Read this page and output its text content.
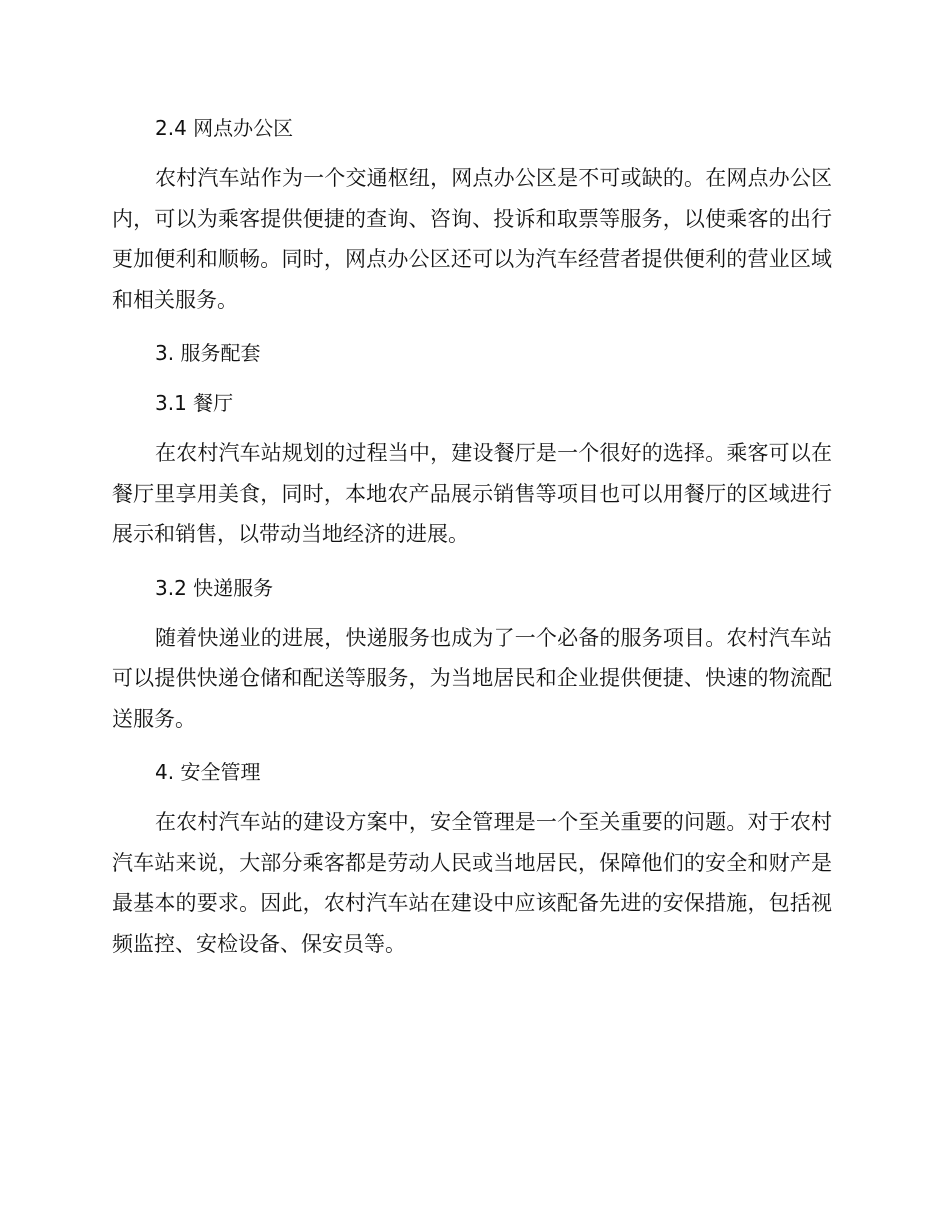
2.4 网点办公区

农村汽车站作为一个交通枢纽，网点办公区是不可或缺的。在网点办公区内，可以为乘客提供便捷的查询、咨询、投诉和取票等服务，以使乘客的出行更加便利和顺畅。同时，网点办公区还可以为汽车经营者提供便利的营业区域和相关服务。

3. 服务配套
3.1 餐厅

在农村汽车站规划的过程当中，建设餐厅是一个很好的选择。乘客可以在餐厅里享用美食，同时，本地农产品展示销售等项目也可以用餐厅的区域进行展示和销售，以带动当地经济的进展。

3.2 快递服务

随着快递业的进展，快递服务也成为了一个必备的服务项目。农村汽车站可以提供快递仓储和配送等服务，为当地居民和企业提供便捷、快速的物流配送服务。

4. 安全管理

在农村汽车站的建设方案中，安全管理是一个至关重要的问题。对于农村汽车站来说，大部分乘客都是劳动人民或当地居民，保障他们的安全和财产是最基本的要求。因此，农村汽车站在建设中应该配备先进的安保措施，包括视频监控、安检设备、保安员等。
